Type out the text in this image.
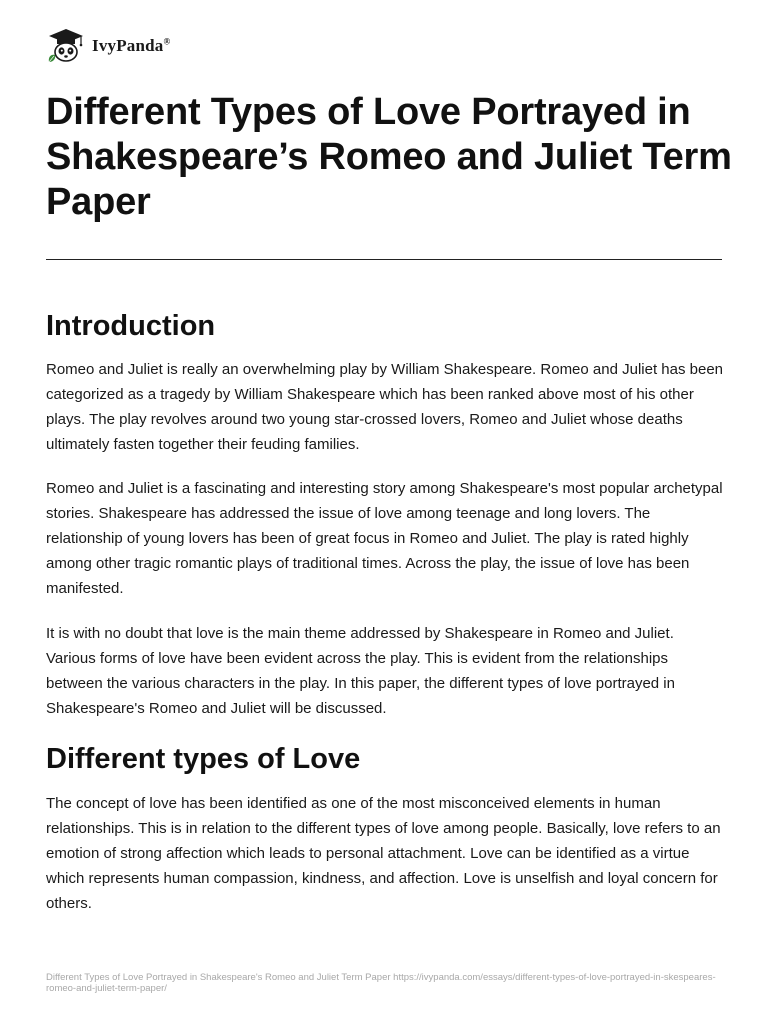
IvyPanda®
Different Types of Love Portrayed in Shakespeare’s Romeo and Juliet Term Paper
Introduction

Romeo and Juliet is really an overwhelming play by William Shakespeare. Romeo and Juliet has been categorized as a tragedy by William Shakespeare which has been ranked above most of his other plays. The play revolves around two young star-crossed lovers, Romeo and Juliet whose deaths ultimately fasten together their feuding families.

Romeo and Juliet is a fascinating and interesting story among Shakespeare's most popular archetypal stories. Shakespeare has addressed the issue of love among teenage and long lovers. The relationship of young lovers has been of great focus in Romeo and Juliet. The play is rated highly among other tragic romantic plays of traditional times. Across the play, the issue of love has been manifested.

It is with no doubt that love is the main theme addressed by Shakespeare in Romeo and Juliet. Various forms of love have been evident across the play. This is evident from the relationships between the various characters in the play. In this paper, the different types of love portrayed in Shakespeare's Romeo and Juliet will be discussed.

Different types of Love

The concept of love has been identified as one of the most misconceived elements in human relationships. This is in relation to the different types of love among people. Basically, love refers to an emotion of strong affection which leads to personal attachment. Love can be identified as a virtue which represents human compassion, kindness, and affection. Love is unselfish and loyal concern for others.

Different Types of Love Portrayed in Shakespeare's Romeo and Juliet Term Paper https://ivypanda.com/essays/different-types-of-love-portrayed-in-skespeares-romeo-and-juliet-term-paper/
